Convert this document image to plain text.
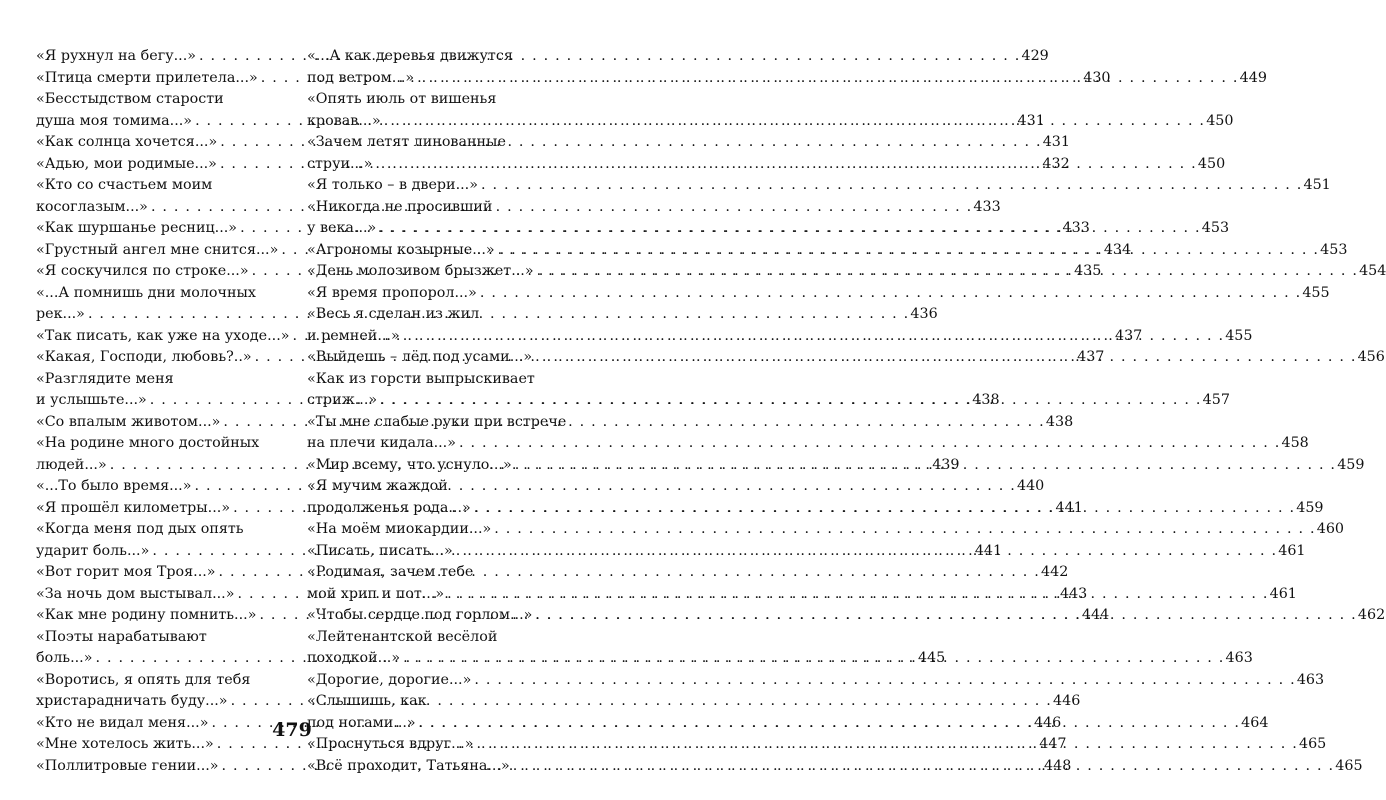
«Я рухнул на бегу...» . . .	429
«Птица смерти прилетела...» . . .	430
«Бесстыдством старости
душа моя томима...» . . .	431
«Как солнца хочется...» . . .	431
«Адью, мои родимые...» . . .	432
«Кто со счастьем моим
косоглазым...» . . .	433
«Как шуршанье ресниц...» . . .	433
«Грустный ангел мне снится...» . . .	434
«Я соскучился по строке...» . . .	435
«...А помнишь дни молочных
рек...» . . .	436
«Так писать, как уже на уходе...» . . .	437
«Какая, Господи, любовь?..» . . .	437
«Разглядите меня
и услышьте...» . . .	438
«Со впалым животом...» . . .	438
«На родине много достойных
людей...» . . .	439
«...То было время...» . . .	440
«Я прошёл километры...» . . .	441
«Когда меня под дых опять
ударит боль...» . . .	441
«Вот горит моя Троя...» . . .	442
«За ночь дом выстывал...» . . .	443
«Как мне родину помнить...» . . .	444
«Поэты нарабатывают
боль...» . . .	445
«Воротись, я опять для тебя
христарадничать буду...» . . .	446
«Кто не видал меня...» . . .	446
«Мне хотелось жить...» . . .	447
«Поллитровые гении...» . . .	448
«...А как деревья движутся
под ветром...» . . .	449
«Опять июль от вишенья
кровав...» . . .	450
«Зачем летят линованные
струи...» . . .	450
«Я только – в двери...» . . .	451
«Никогда не просивший
у века...» . . .	453
«Агрономы козырные...» . . .	453
«День молозивом брызжет...» . . .	454
«Я время пропорол...» . . .	455
«Весь я сделан из жил
и ремней...» . . .	455
«Выйдешь – лёд под усами...» . . .	456
«Как из горсти выпрыскивает
стриж...» . . .	457
«Ты мне слабые руки при встрече
на плечи кидала...» . . .	458
«Мир всему, что уснуло...» . . .	459
«Я мучим жаждой
продолженья рода...» . . .	459
«На моём миокардии...» . . .	460
«Писать, писать...» . . .	461
«Родимая, зачем тебе
мой хрип и пот...» . . .	461
«Чтобы сердце под горлом...» . . .	462
«Лейтенантской весёлой
походкой...» . . .	463
«Дорогие, дорогие...» . . .	463
«Слышишь, как
под ногами...» . . .	464
«Проснуться вдруг...» . . .	465
«Всё проходит, Татьяна...» . . .	465
479
